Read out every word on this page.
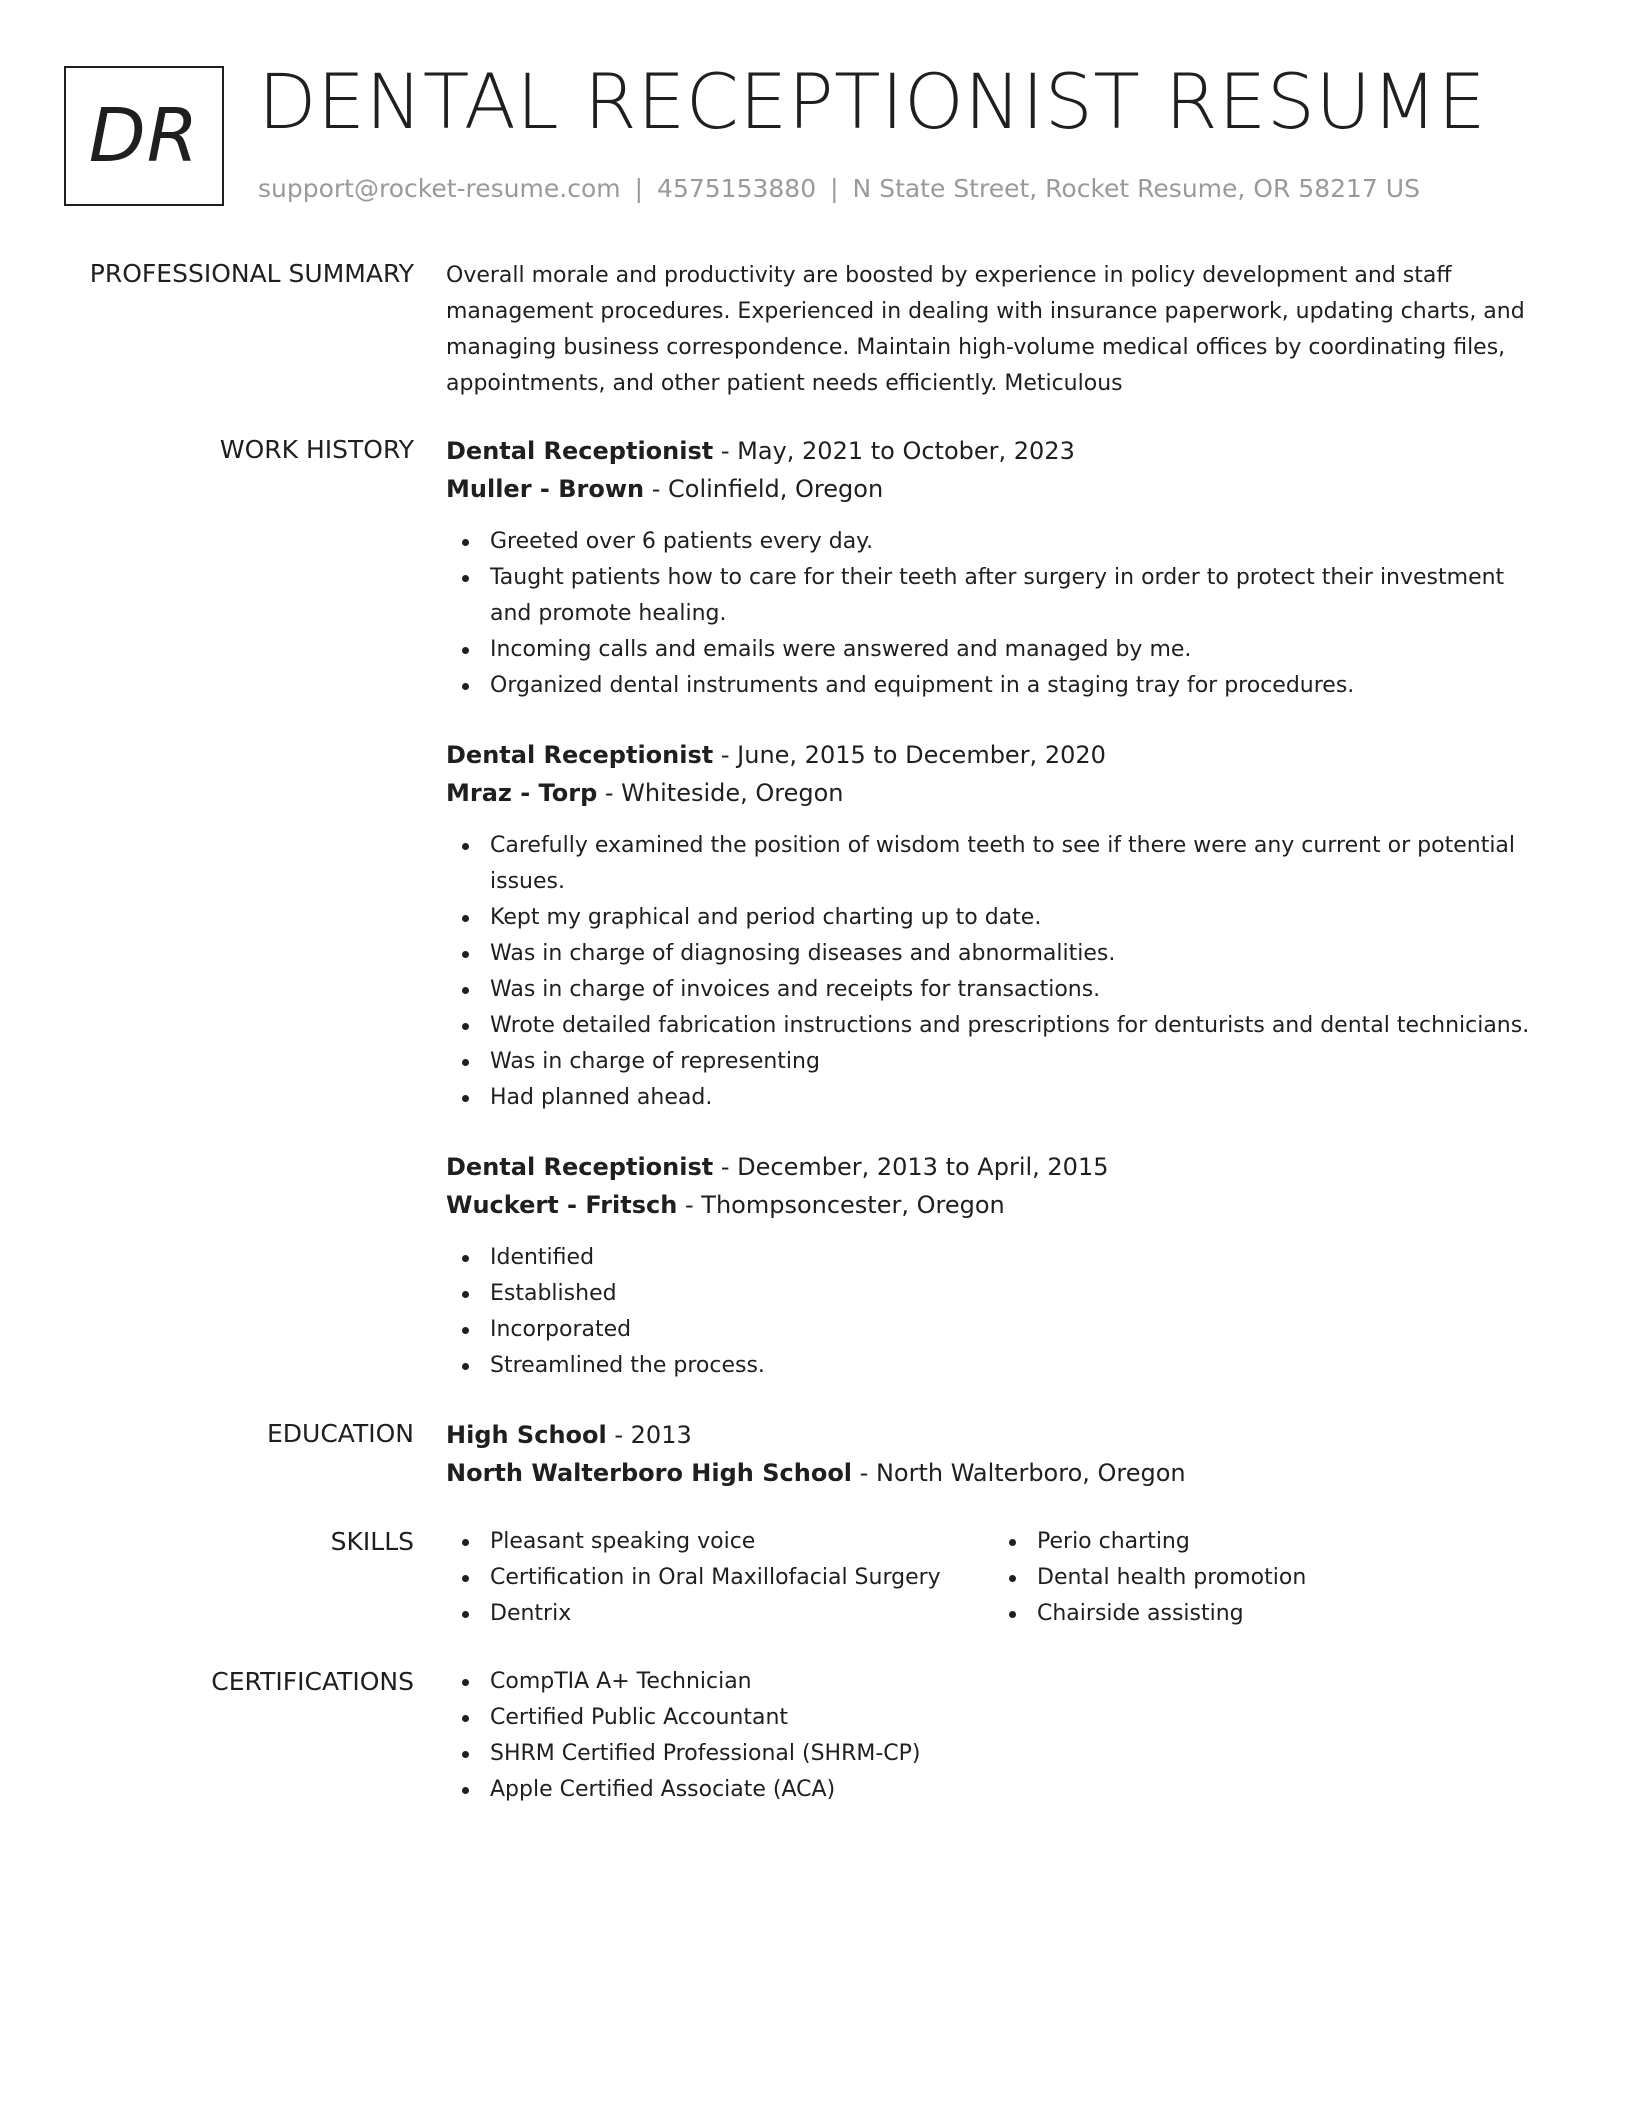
DR DENTAL RECEPTIONIST RESUME
support@rocket-resume.com | 4575153880 | N State Street, Rocket Resume, OR 58217 US
PROFESSIONAL SUMMARY Overall morale and productivity are boosted by experience in policy development and staff

management procedures. Experienced in dealing with insurance paperwork, updating charts, and

managing business correspondence. Maintain high-volume medical offices by coordinating files,

appointments, and other patient needs efficiently. Meticulous

WORK HISTORY Dental Receptionist - May, 2021 to October, 2023

Muller - Brown - Colinfield, Oregon

Greeted over 6 patients every day.
Taught patients how to care for their teeth after surgery in order to protect their investment and promote healing.
Incoming calls and emails were answered and managed by me.
Organized dental instruments and equipment in a staging tray for procedures.

Dental Receptionist - June, 2015 to December, 2020

Mraz - Torp - Whiteside, Oregon

Carefully examined the position of wisdom teeth to see if there were any current or potential issues.
Kept my graphical and period charting up to date.
Was in charge of diagnosing diseases and abnormalities.
Was in charge of invoices and receipts for transactions.
Wrote detailed fabrication instructions and prescriptions for denturists and dental technicians.
Was in charge of representing
Had planned ahead.

Dental Receptionist - December, 2013 to April, 2015

Wuckert - Fritsch - Thompsoncester, Oregon

Identified
Established
Incorporated
Streamlined the process.
EDUCATION High School - 2013

North Walterboro High School - North Walterboro, Oregon

SKILLS	Pleasant speaking voice
Certification in Oral Maxillofacial Surgery
Dentrix
Perio charting
Dental health promotion
Chairside assisting
CERTIFICATIONS	CompTIA A+ Technician
Certified Public Accountant
SHRM Certified Professional (SHRM-CP)
Apple Certified Associate (ACA)
